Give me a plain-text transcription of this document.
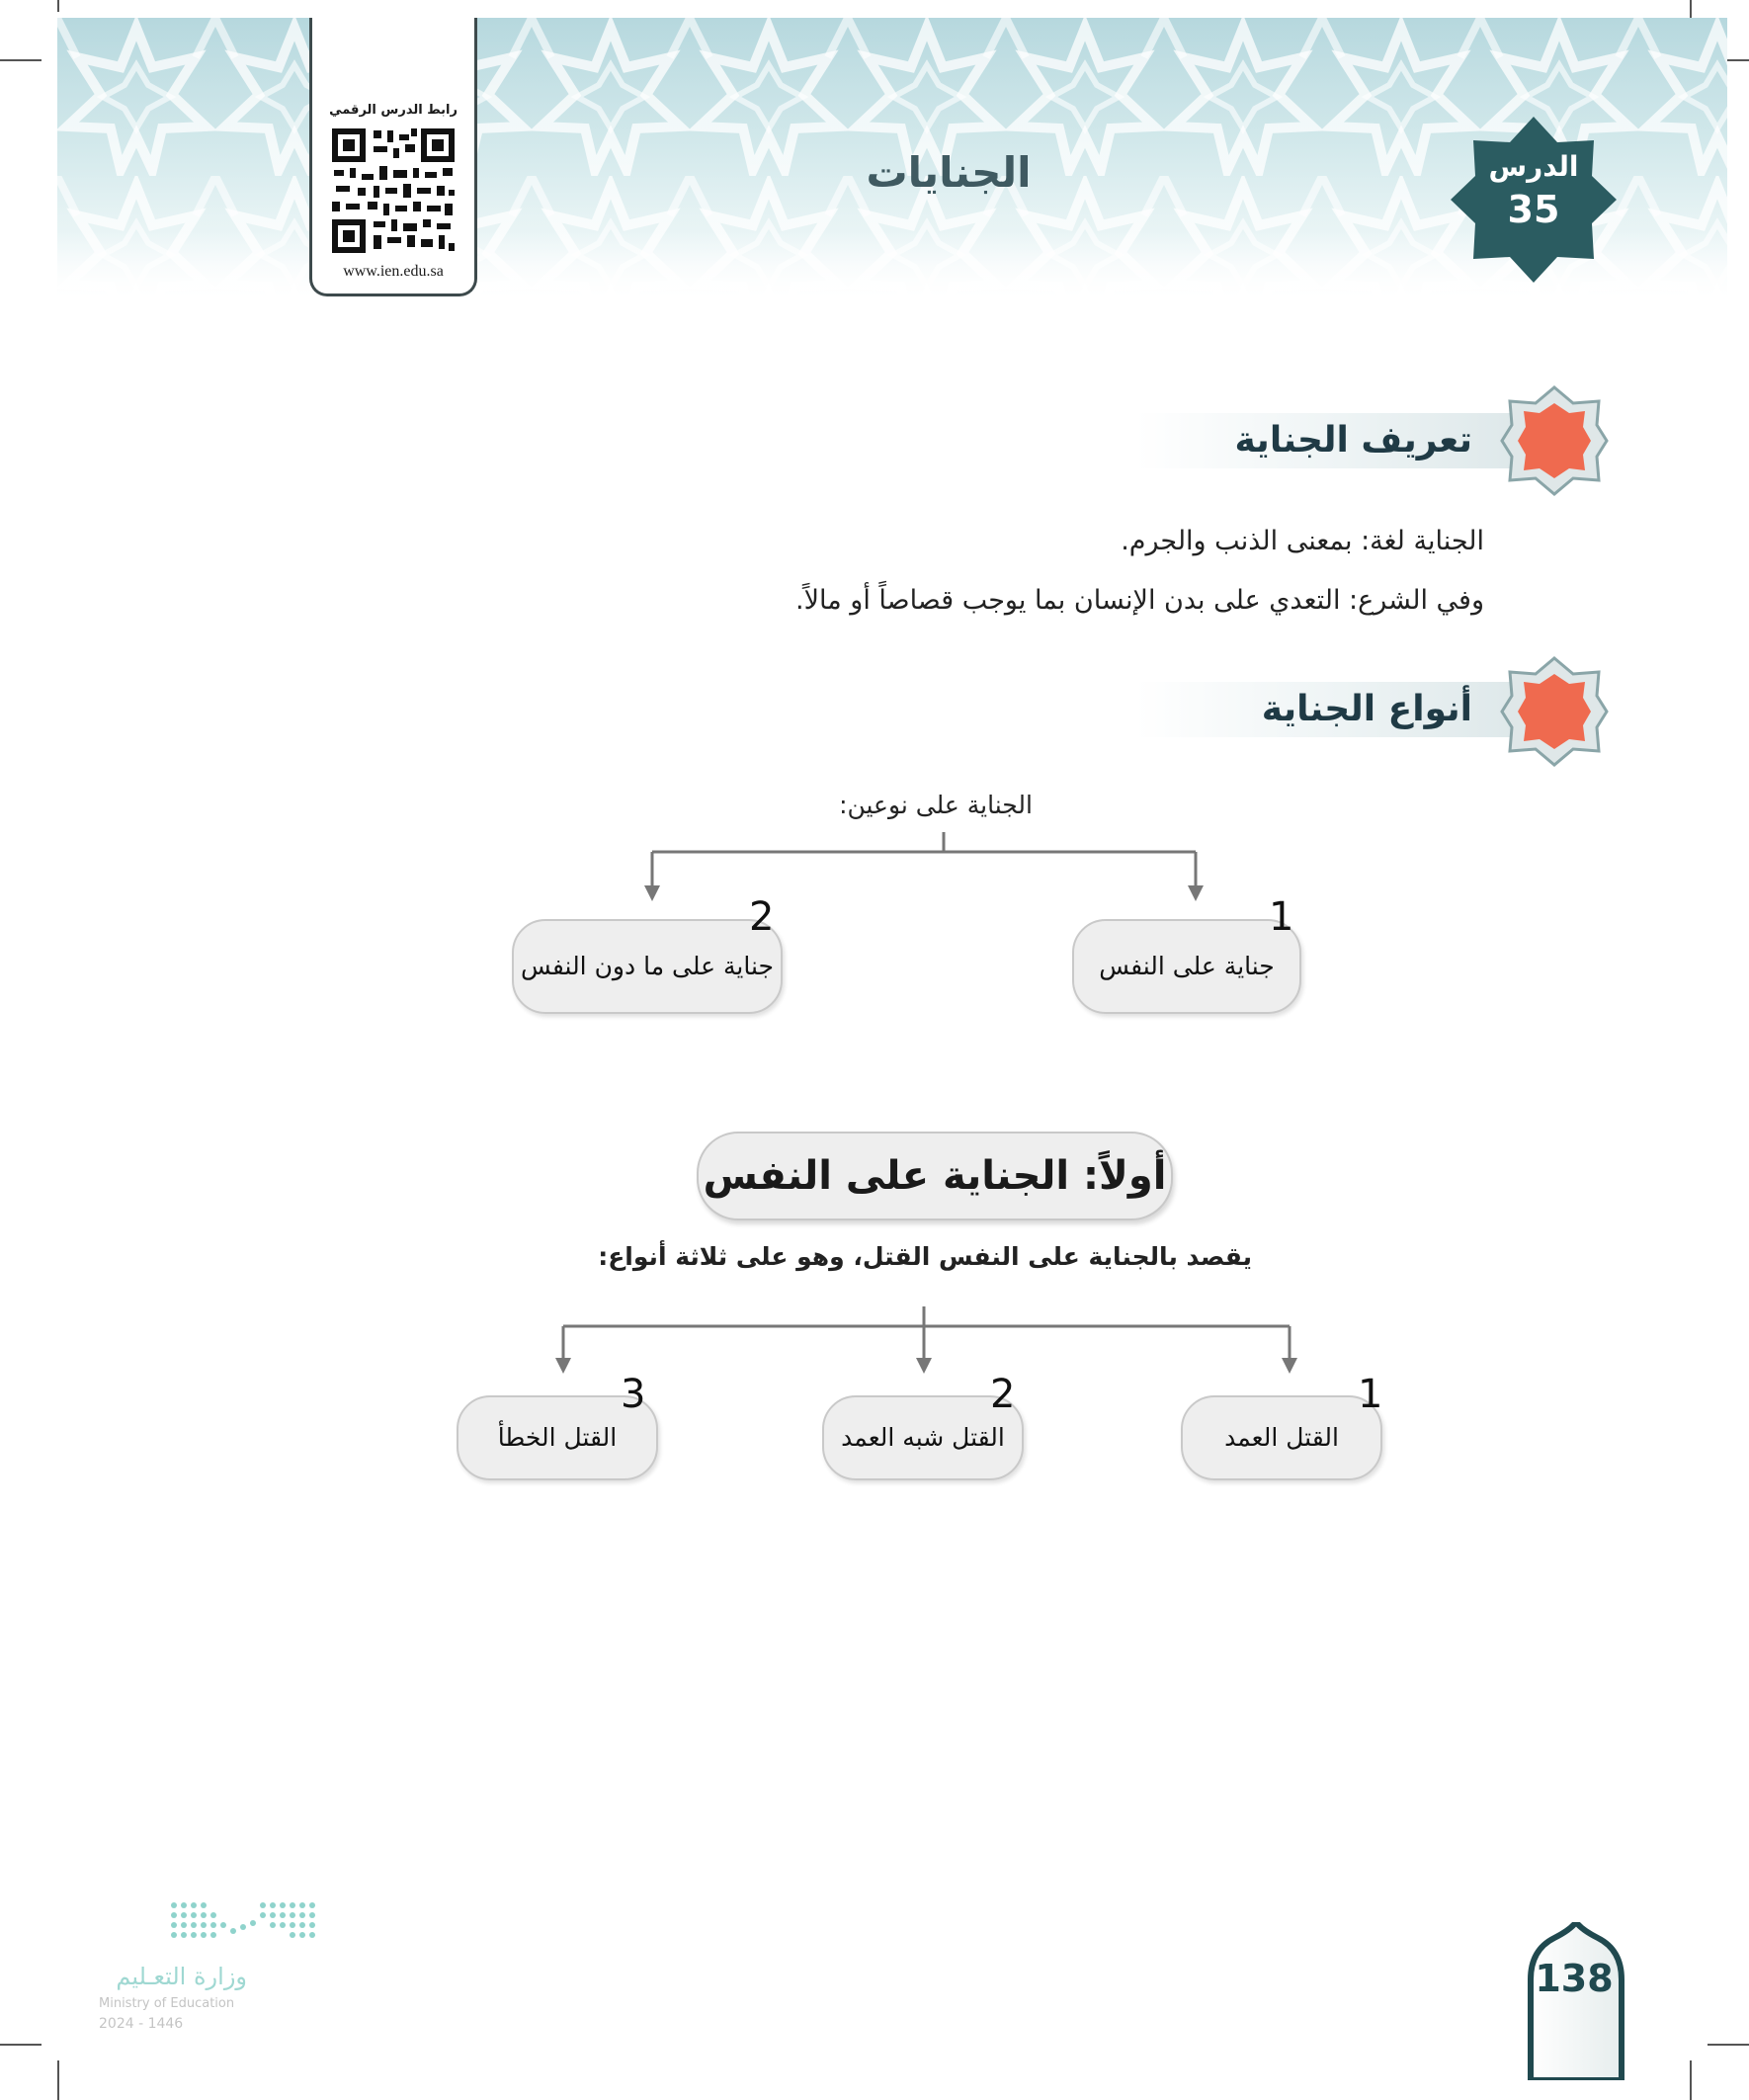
الجنايات	الدرس
35
رابط الدرس الرقمي
www.ien.edu.sa
تعريف الجناية
الجناية لغة: بمعنى الذنب والجرم.
وفي الشرع: التعدي على بدن الإنسان بما يوجب قصاصاً أو مالاً.
أنواع الجناية
الجناية على نوعين:
جناية على النفس
1
جناية على ما دون النفس
2
أولاً: الجناية على النفس
يقصد بالجناية على النفس القتل، وهو على ثلاثة أنواع:
القتل العمد
1
القتل شبه العمد
2
القتل الخطأ
3
وزارة التعـليم
Ministry of Education
2024 - 1446
138
